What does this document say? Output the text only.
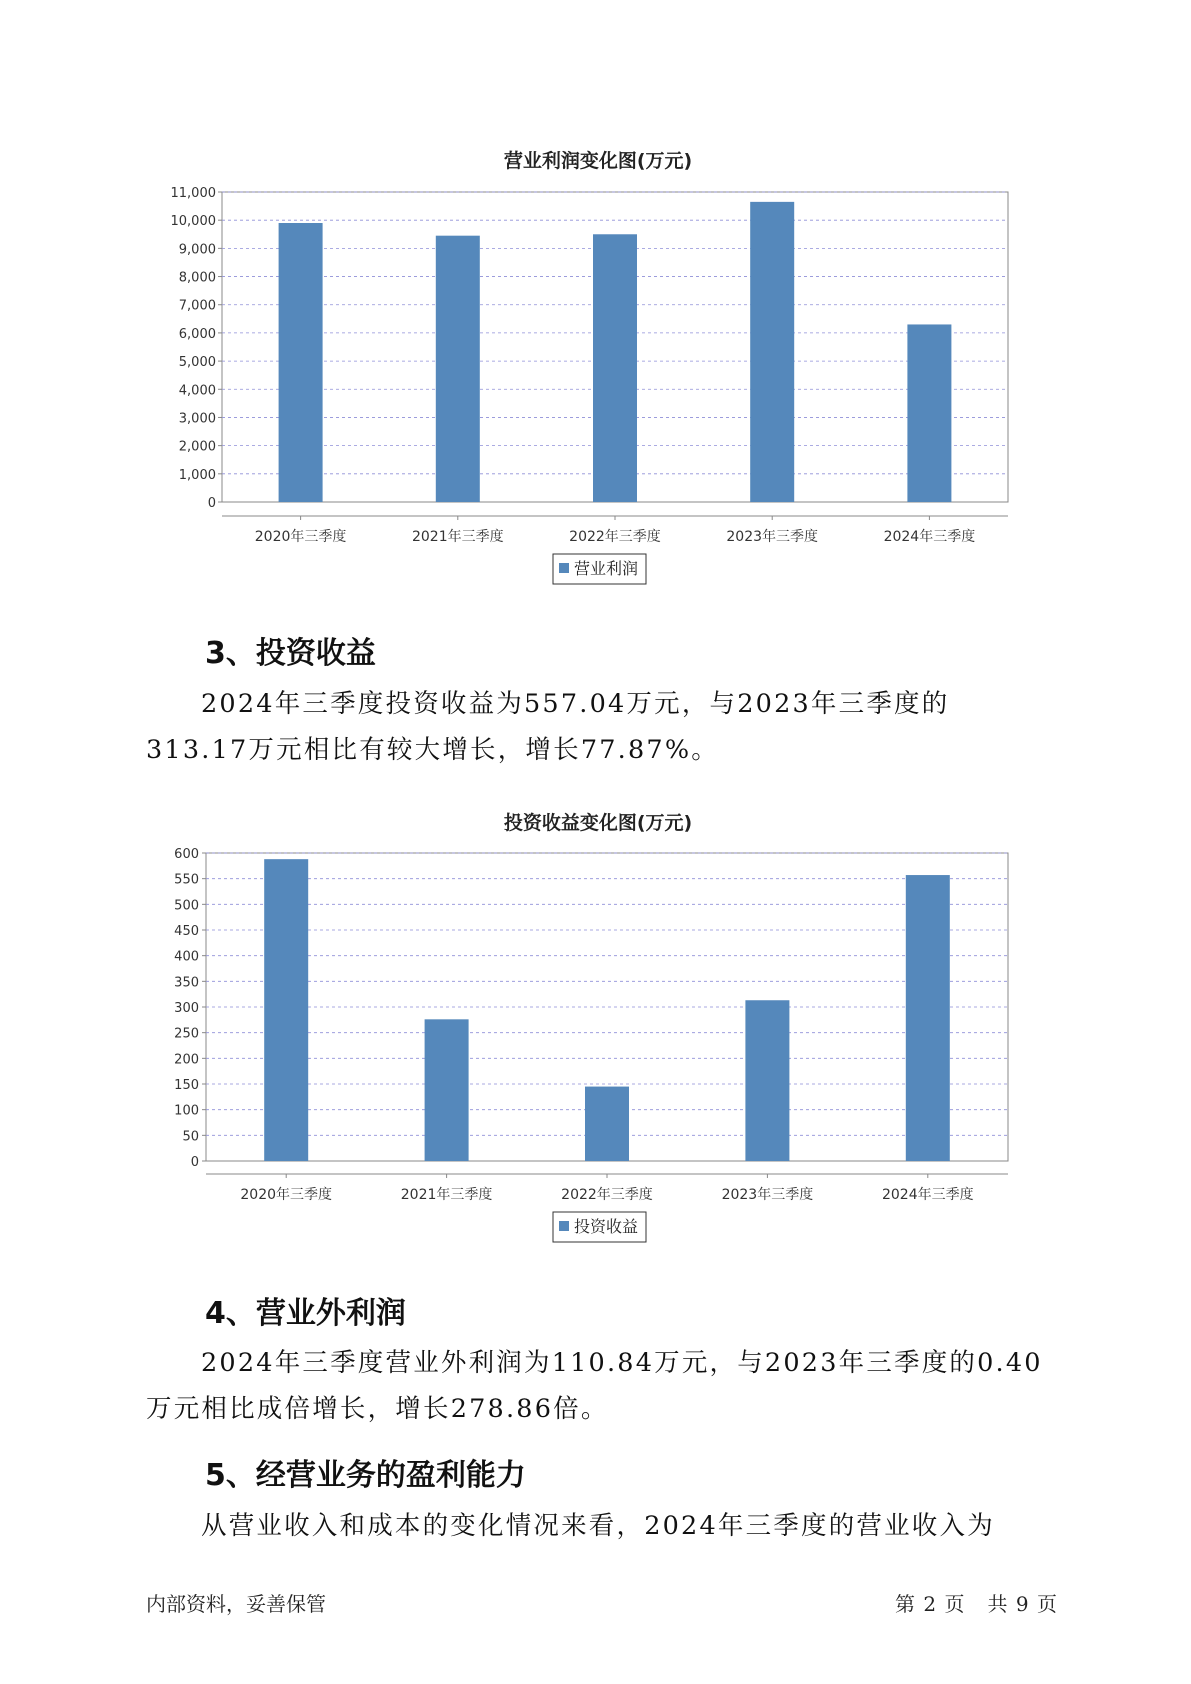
营业利润变化图(万元)
0
1,000
2,000
3,000
4,000
5,000
6,000
7,000
8,000
9,000
10,000
11,000
2020年三季度	2021年三季度	2022年三季度	2023年三季度	2024年三季度
营业利润
3、投资收益

2024年三季度投资收益为557.04万元，与2023年三季度的313.17万元相比有较大增长，增长77.87%。

投资收益变化图(万元)
0
50
100
150
200
250
300
350
400
450
500
550
600
2020年三季度	2021年三季度	2022年三季度	2023年三季度	2024年三季度
投资收益
4、营业外利润

2024年三季度营业外利润为110.84万元，与2023年三季度的0.40万元相比成倍增长，增长278.86倍。

5、经营业务的盈利能力

从营业收入和成本的变化情况来看，2024年三季度的营业收入为

内部资料，妥善保管	第 2 页   共 9 页
